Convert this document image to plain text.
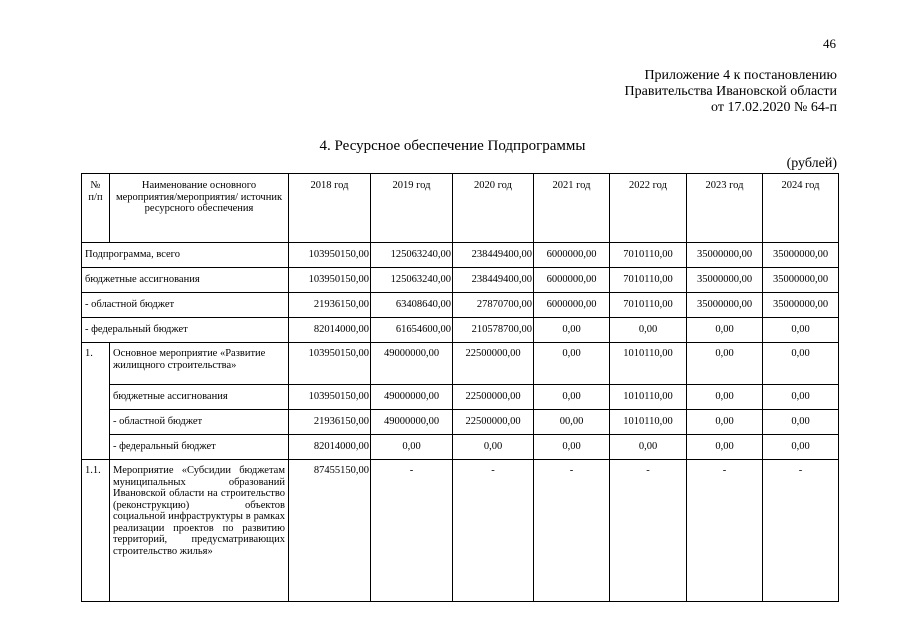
46
Приложение 4 к постановлению
Правительства Ивановской области
от 17.02.2020 № 64-п
4. Ресурсное обеспечение Подпрограммы
(рублей)
№ п/п	Наименование основного мероприятия/мероприятия/ источник ресурсного обеспечения	2018 год	2019 год	2020 год	2021 год	2022 год	2023 год	2024 год
Подпрограмма, всего		103950150,00	125063240,00	238449400,00	6000000,00	7010110,00	35000000,00	35000000,00
бюджетные ассигнования		103950150,00	125063240,00	238449400,00	6000000,00	7010110,00	35000000,00	35000000,00
- областной бюджет		21936150,00	63408640,00	27870700,00	6000000,00	7010110,00	35000000,00	35000000,00
- федеральный бюджет		82014000,00	61654600,00	210578700,00	0,00	0,00	0,00	0,00
1.	Основное мероприятие «Развитие жилищного строительства»	103950150,00	49000000,00	22500000,00	0,00	1010110,00	0,00	0,00
	бюджетные ассигнования	103950150,00	49000000,00	22500000,00	0,00	1010110,00	0,00	0,00
	- областной бюджет	21936150,00	49000000,00	22500000,00	00,00	1010110,00	0,00	0,00
	- федеральный бюджет	82014000,00	0,00	0,00	0,00	0,00	0,00	0,00
1.1.	Мероприятие «Субсидии бюджетам муниципальных образований Ивановской области на строительство (реконструкцию) объектов социальной инфраструктуры в рамках реализации проектов по развитию территорий, предусматривающих строительство жилья»	87455150,00	-	-	-	-	-	-
